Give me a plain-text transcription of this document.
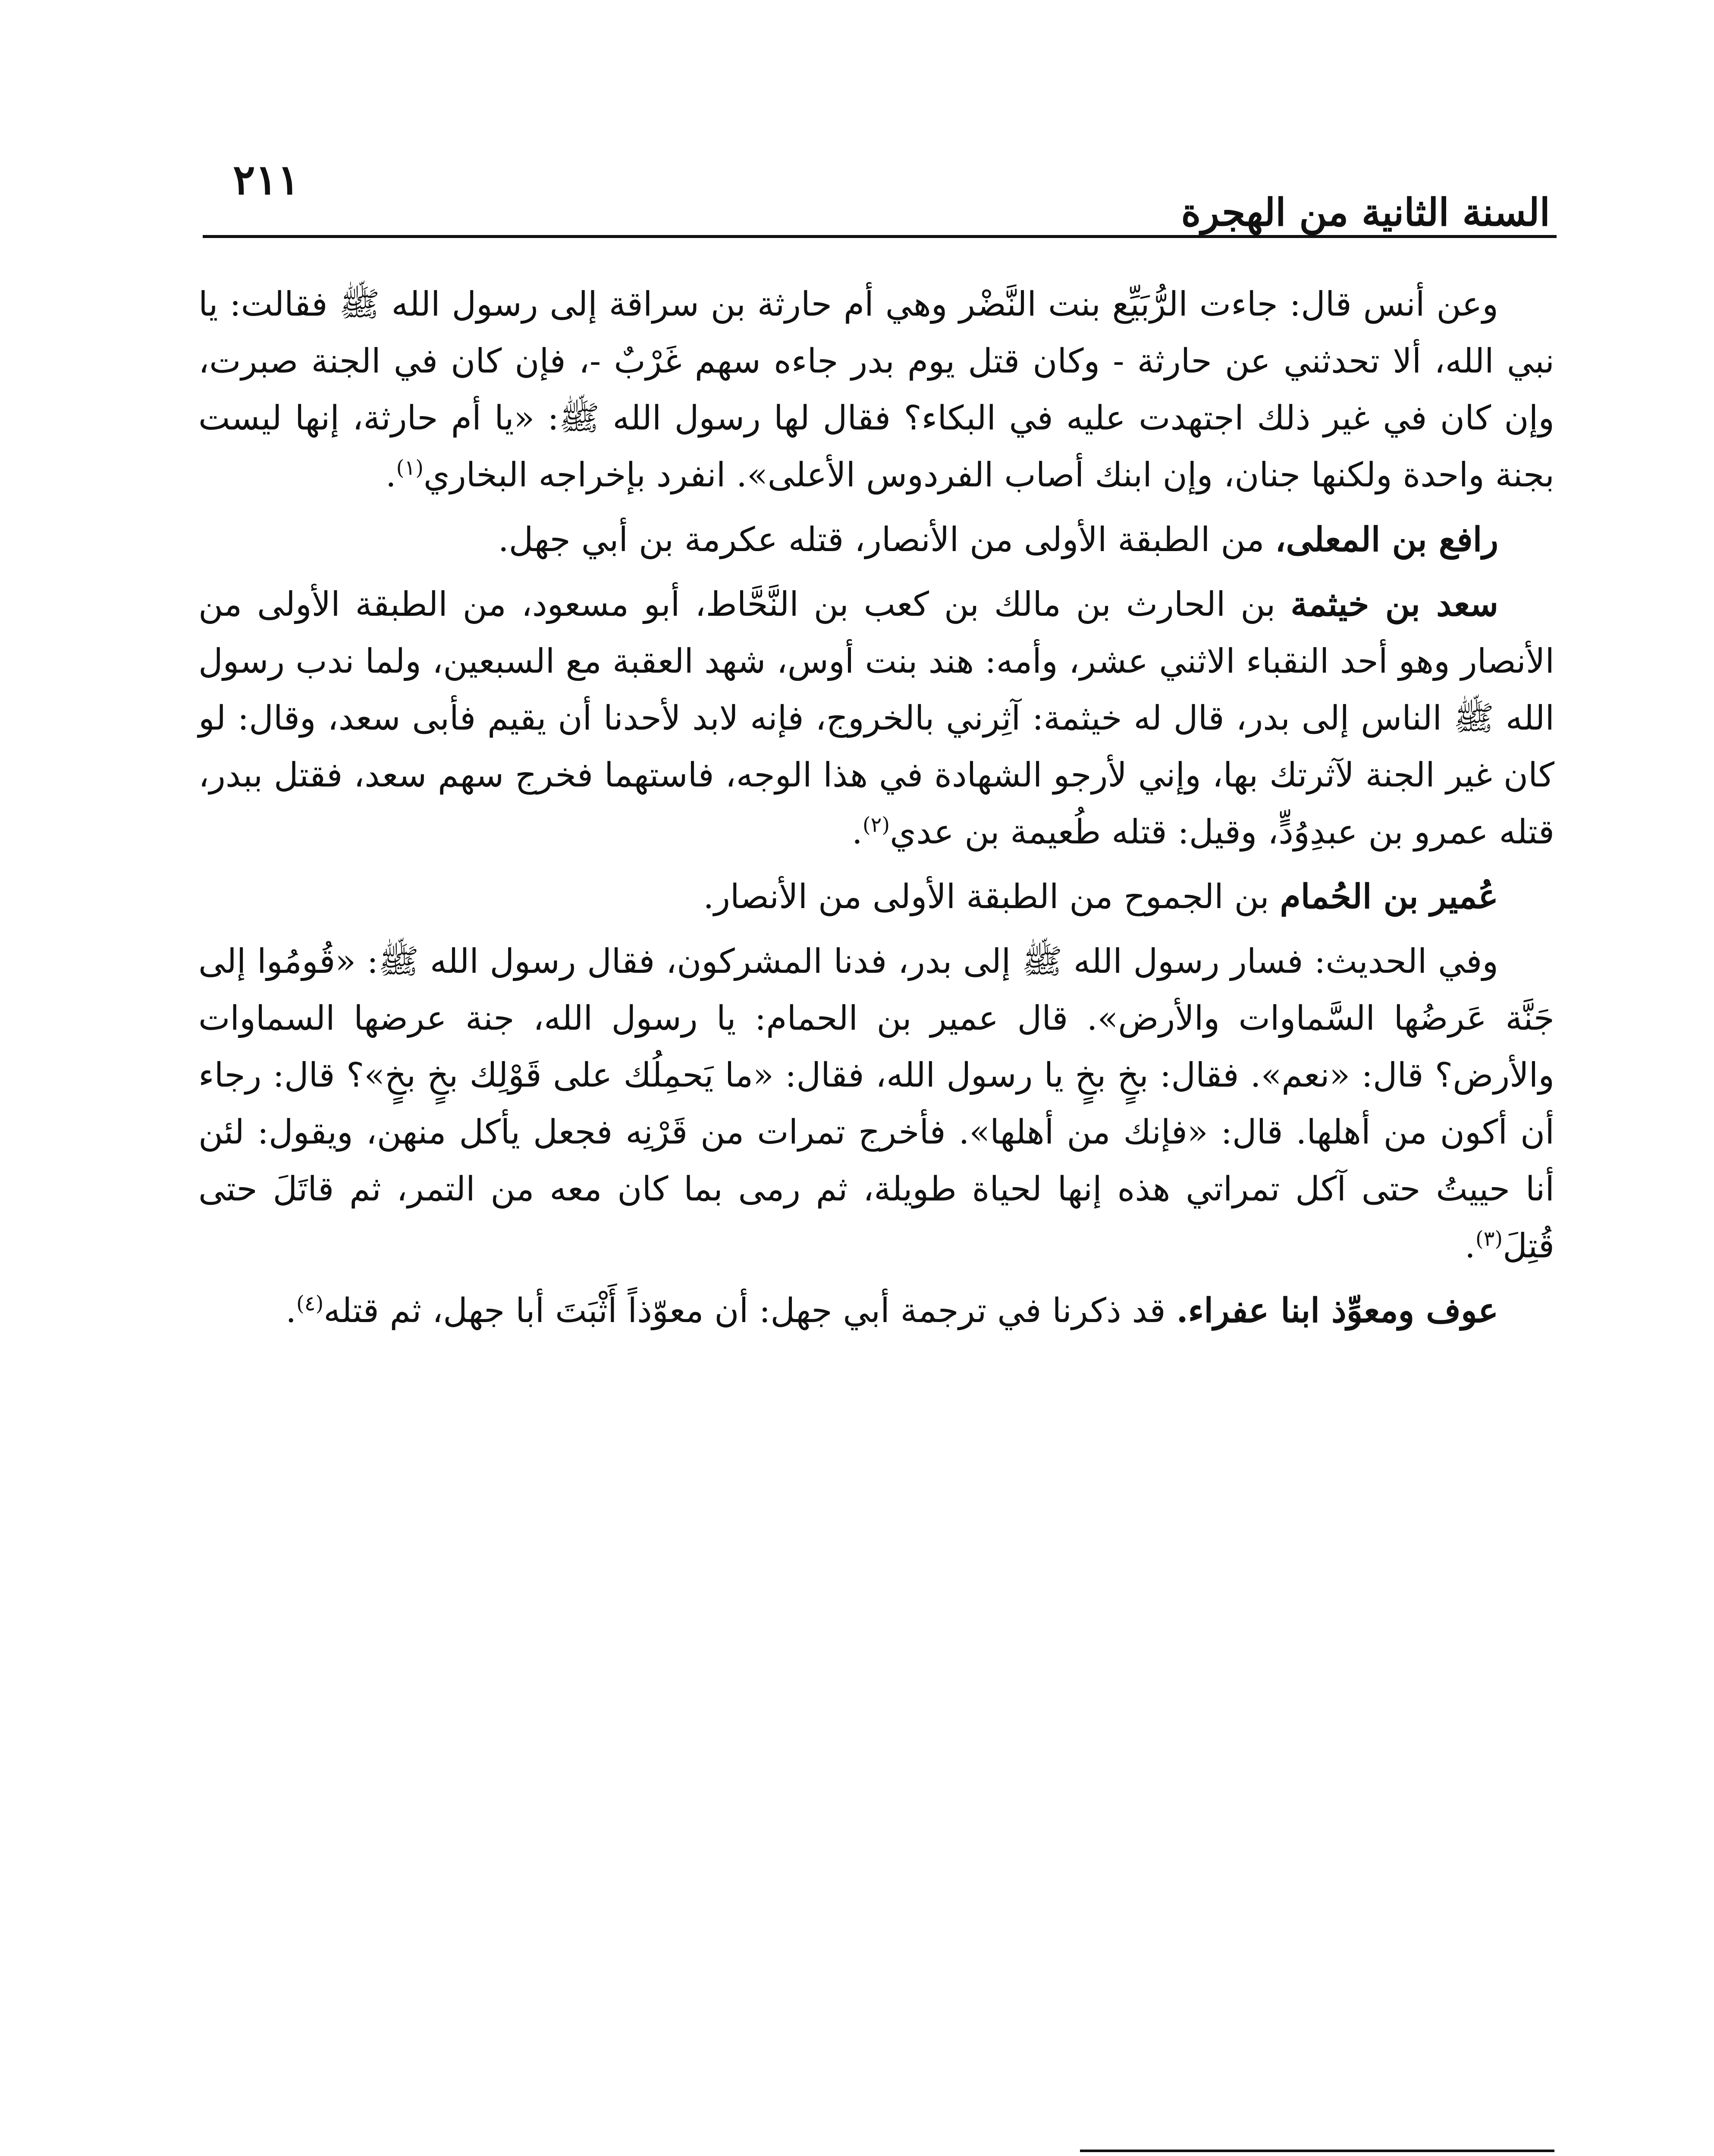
٢١١
السنة الثانية من الهجرة

وعن أنس قال: جاءت الرُّبَيِّع بنت النَّضْر وهي أم حارثة بن سراقة إلى رسول الله ﷺ فقالت: يا نبي الله، ألا تحدثني عن حارثة - وكان قتل يوم بدر جاءه سهم غَرْبٌ -، فإن كان في الجنة صبرت، وإن كان في غير ذلك اجتهدت عليه في البكاء؟ فقال لها رسول الله ﷺ: «يا أم حارثة، إنها ليست بجنة واحدة ولكنها جنان، وإن ابنك أصاب الفردوس الأعلى». انفرد بإخراجه البخاري$^{(١)}$.

رافع بن المعلى، من الطبقة الأولى من الأنصار، قتله عكرمة بن أبي جهل.

سعد بن خيثمة بن الحارث بن مالك بن كعب بن النَّحَّاط، أبو مسعود، من الطبقة الأولى من الأنصار وهو أحد النقباء الاثني عشر، وأمه: هند بنت أوس، شهد العقبة مع السبعين، ولما ندب رسول الله ﷺ الناس إلى بدر، قال له خيثمة: آثِرني بالخروج، فإنه لابد لأحدنا أن يقيم فأبى سعد، وقال: لو كان غير الجنة لآثرتك بها، وإني لأرجو الشهادة في هذا الوجه، فاستهما فخرج سهم سعد، فقتل ببدر، قتله عمرو بن عبدِوُدٍّ، وقيل: قتله طُعيمة بن عدي$^{(٢)}$.

عُمير بن الحُمام بن الجموح من الطبقة الأولى من الأنصار.

وفي الحديث: فسار رسول الله ﷺ إلى بدر، فدنا المشركون، فقال رسول الله ﷺ: «قُومُوا إلى جَنَّة عَرضُها السَّماوات والأرض». قال عمير بن الحمام: يا رسول الله، جنة عرضها السماوات والأرض؟ قال: «نعم». فقال: بخٍ بخٍ يا رسول الله، فقال: «ما يَحمِلُك على قَوْلِك بخٍ بخٍ»؟ قال: رجاء أن أكون من أهلها. قال: «فإنك من أهلها». فأخرج تمرات من قَرْنِه فجعل يأكل منهن، ويقول: لئن أنا حييتُ حتى آكل تمراتي هذه إنها لحياة طويلة، ثم رمى بما كان معه من التمر، ثم قاتَلَ حتى قُتِلَ$^{(٣)}$.

عوف ومعوِّذ ابنا عفراء. قد ذكرنا في ترجمة أبي جهل: أن معوّذاً أَثْبَتَ أبا جهل، ثم قتله$^{(٤)}$.
